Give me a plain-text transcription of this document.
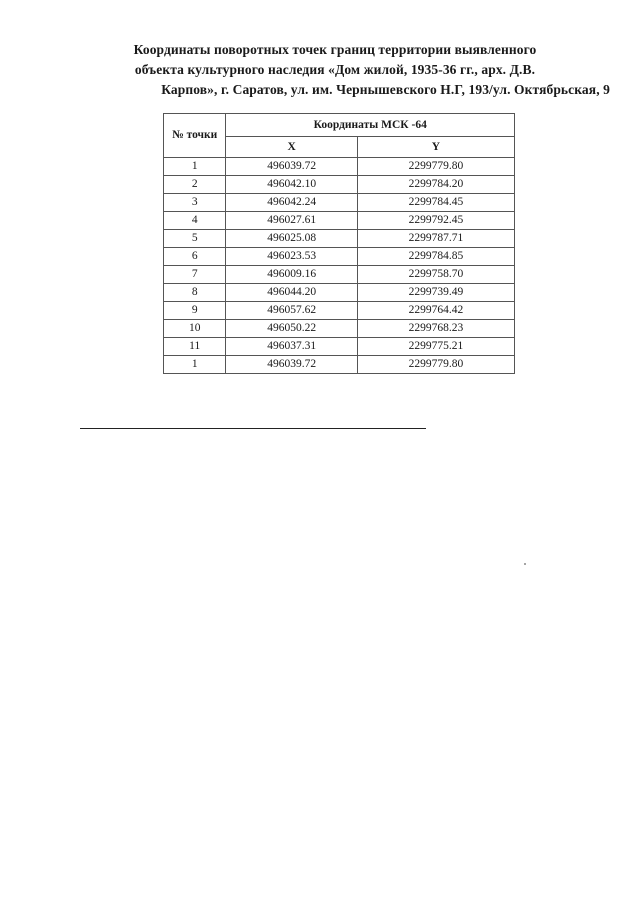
Координаты поворотных точек границ территории выявленного
объекта культурного наследия «Дом жилой, 1935-36 гг., арх. Д.В.
Карпов», г. Саратов, ул. им. Чернышевского Н.Г, 193/ул. Октябрьская, 9
№ точки	Координаты МСК -64	
	X	Y
1	496039.72	2299779.80
2	496042.10	2299784.20
3	496042.24	2299784.45
4	496027.61	2299792.45
5	496025.08	2299787.71
6	496023.53	2299784.85
7	496009.16	2299758.70
8	496044.20	2299739.49
9	496057.62	2299764.42
10	496050.22	2299768.23
11	496037.31	2299775.21
1	496039.72	2299779.80
